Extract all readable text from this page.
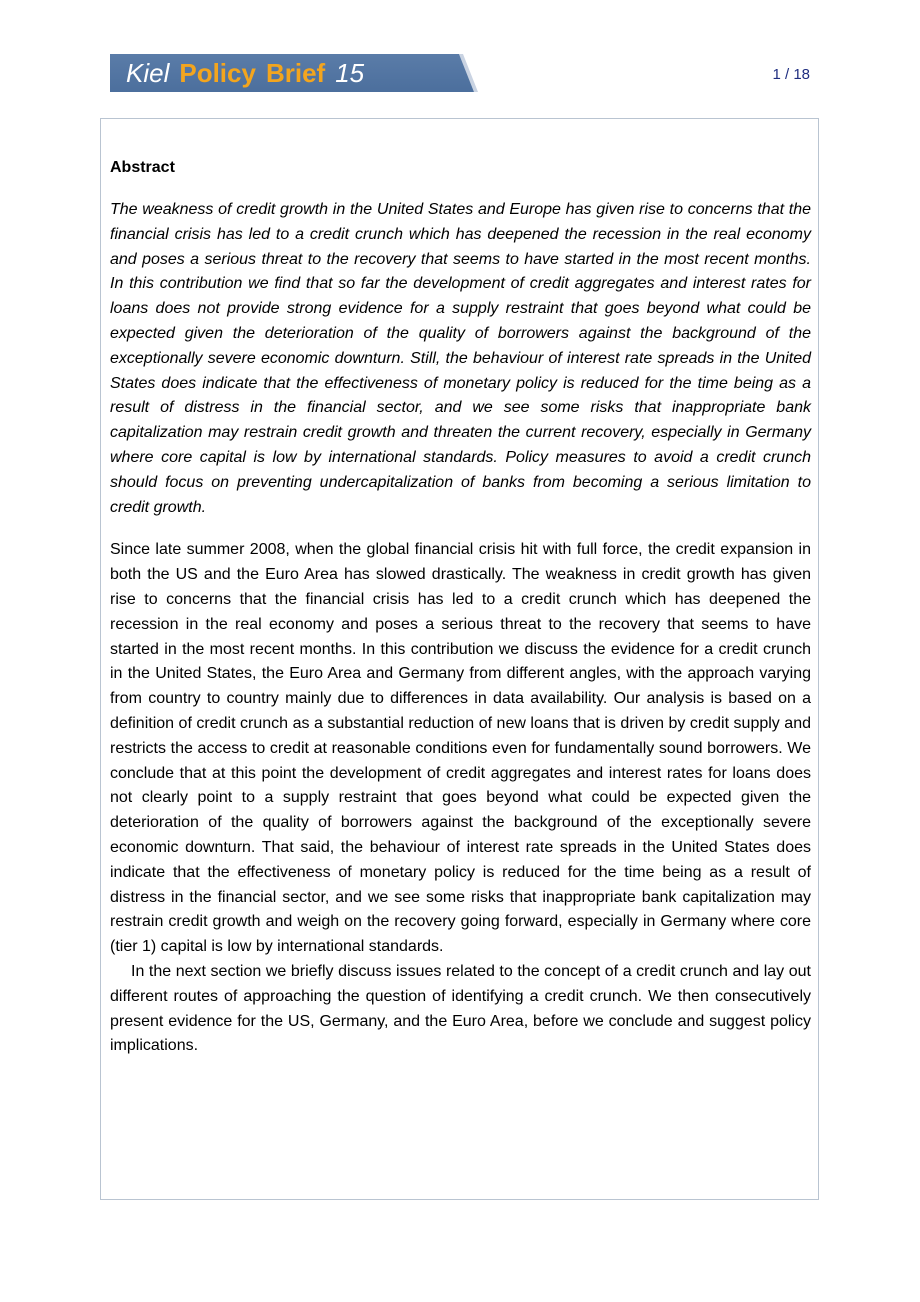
Kiel Policy Brief 15	1 / 18
Abstract

The weakness of credit growth in the United States and Europe has given rise to concerns that the financial crisis has led to a credit crunch which has deepened the recession in the real economy and poses a serious threat to the recovery that seems to have started in the most recent months. In this contribution we find that so far the development of credit aggregates and interest rates for loans does not provide strong evidence for a supply restraint that goes beyond what could be expected given the deterioration of the quality of borrowers against the background of the exceptionally severe economic downturn. Still, the behaviour of interest rate spreads in the United States does indicate that the effectiveness of monetary policy is reduced for the time being as a result of distress in the financial sector, and we see some risks that inappropriate bank capitalization may restrain credit growth and threaten the current recovery, especially in Germany where core capital is low by international standards. Policy measures to avoid a credit crunch should focus on preventing undercapitalization of banks from becoming a serious limitation to credit growth.

Since late summer 2008, when the global financial crisis hit with full force, the credit expansion in both the US and the Euro Area has slowed drastically. The weakness in credit growth has given rise to concerns that the financial crisis has led to a credit crunch which has deepened the recession in the real economy and poses a serious threat to the recovery that seems to have started in the most recent months. In this contribution we discuss the evidence for a credit crunch in the United States, the Euro Area and Germany from different angles, with the approach varying from country to country mainly due to differences in data availability. Our analysis is based on a definition of credit crunch as a substantial reduction of new loans that is driven by credit supply and restricts the access to credit at reasonable conditions even for fundamentally sound borrowers. We conclude that at this point the development of credit aggregates and interest rates for loans does not clearly point to a supply restraint that goes beyond what could be expected given the deterioration of the quality of borrowers against the background of the exceptionally severe economic downturn. That said, the behaviour of interest rate spreads in the United States does indicate that the effectiveness of monetary policy is reduced for the time being as a result of distress in the financial sector, and we see some risks that inappropriate bank capitalization may restrain credit growth and weigh on the recovery going forward, especially in Germany where core (tier 1) capital is low by international standards.

In the next section we briefly discuss issues related to the concept of a credit crunch and lay out different routes of approaching the question of identifying a credit crunch. We then consecutively present evidence for the US, Germany, and the Euro Area, before we conclude and suggest policy implications.
